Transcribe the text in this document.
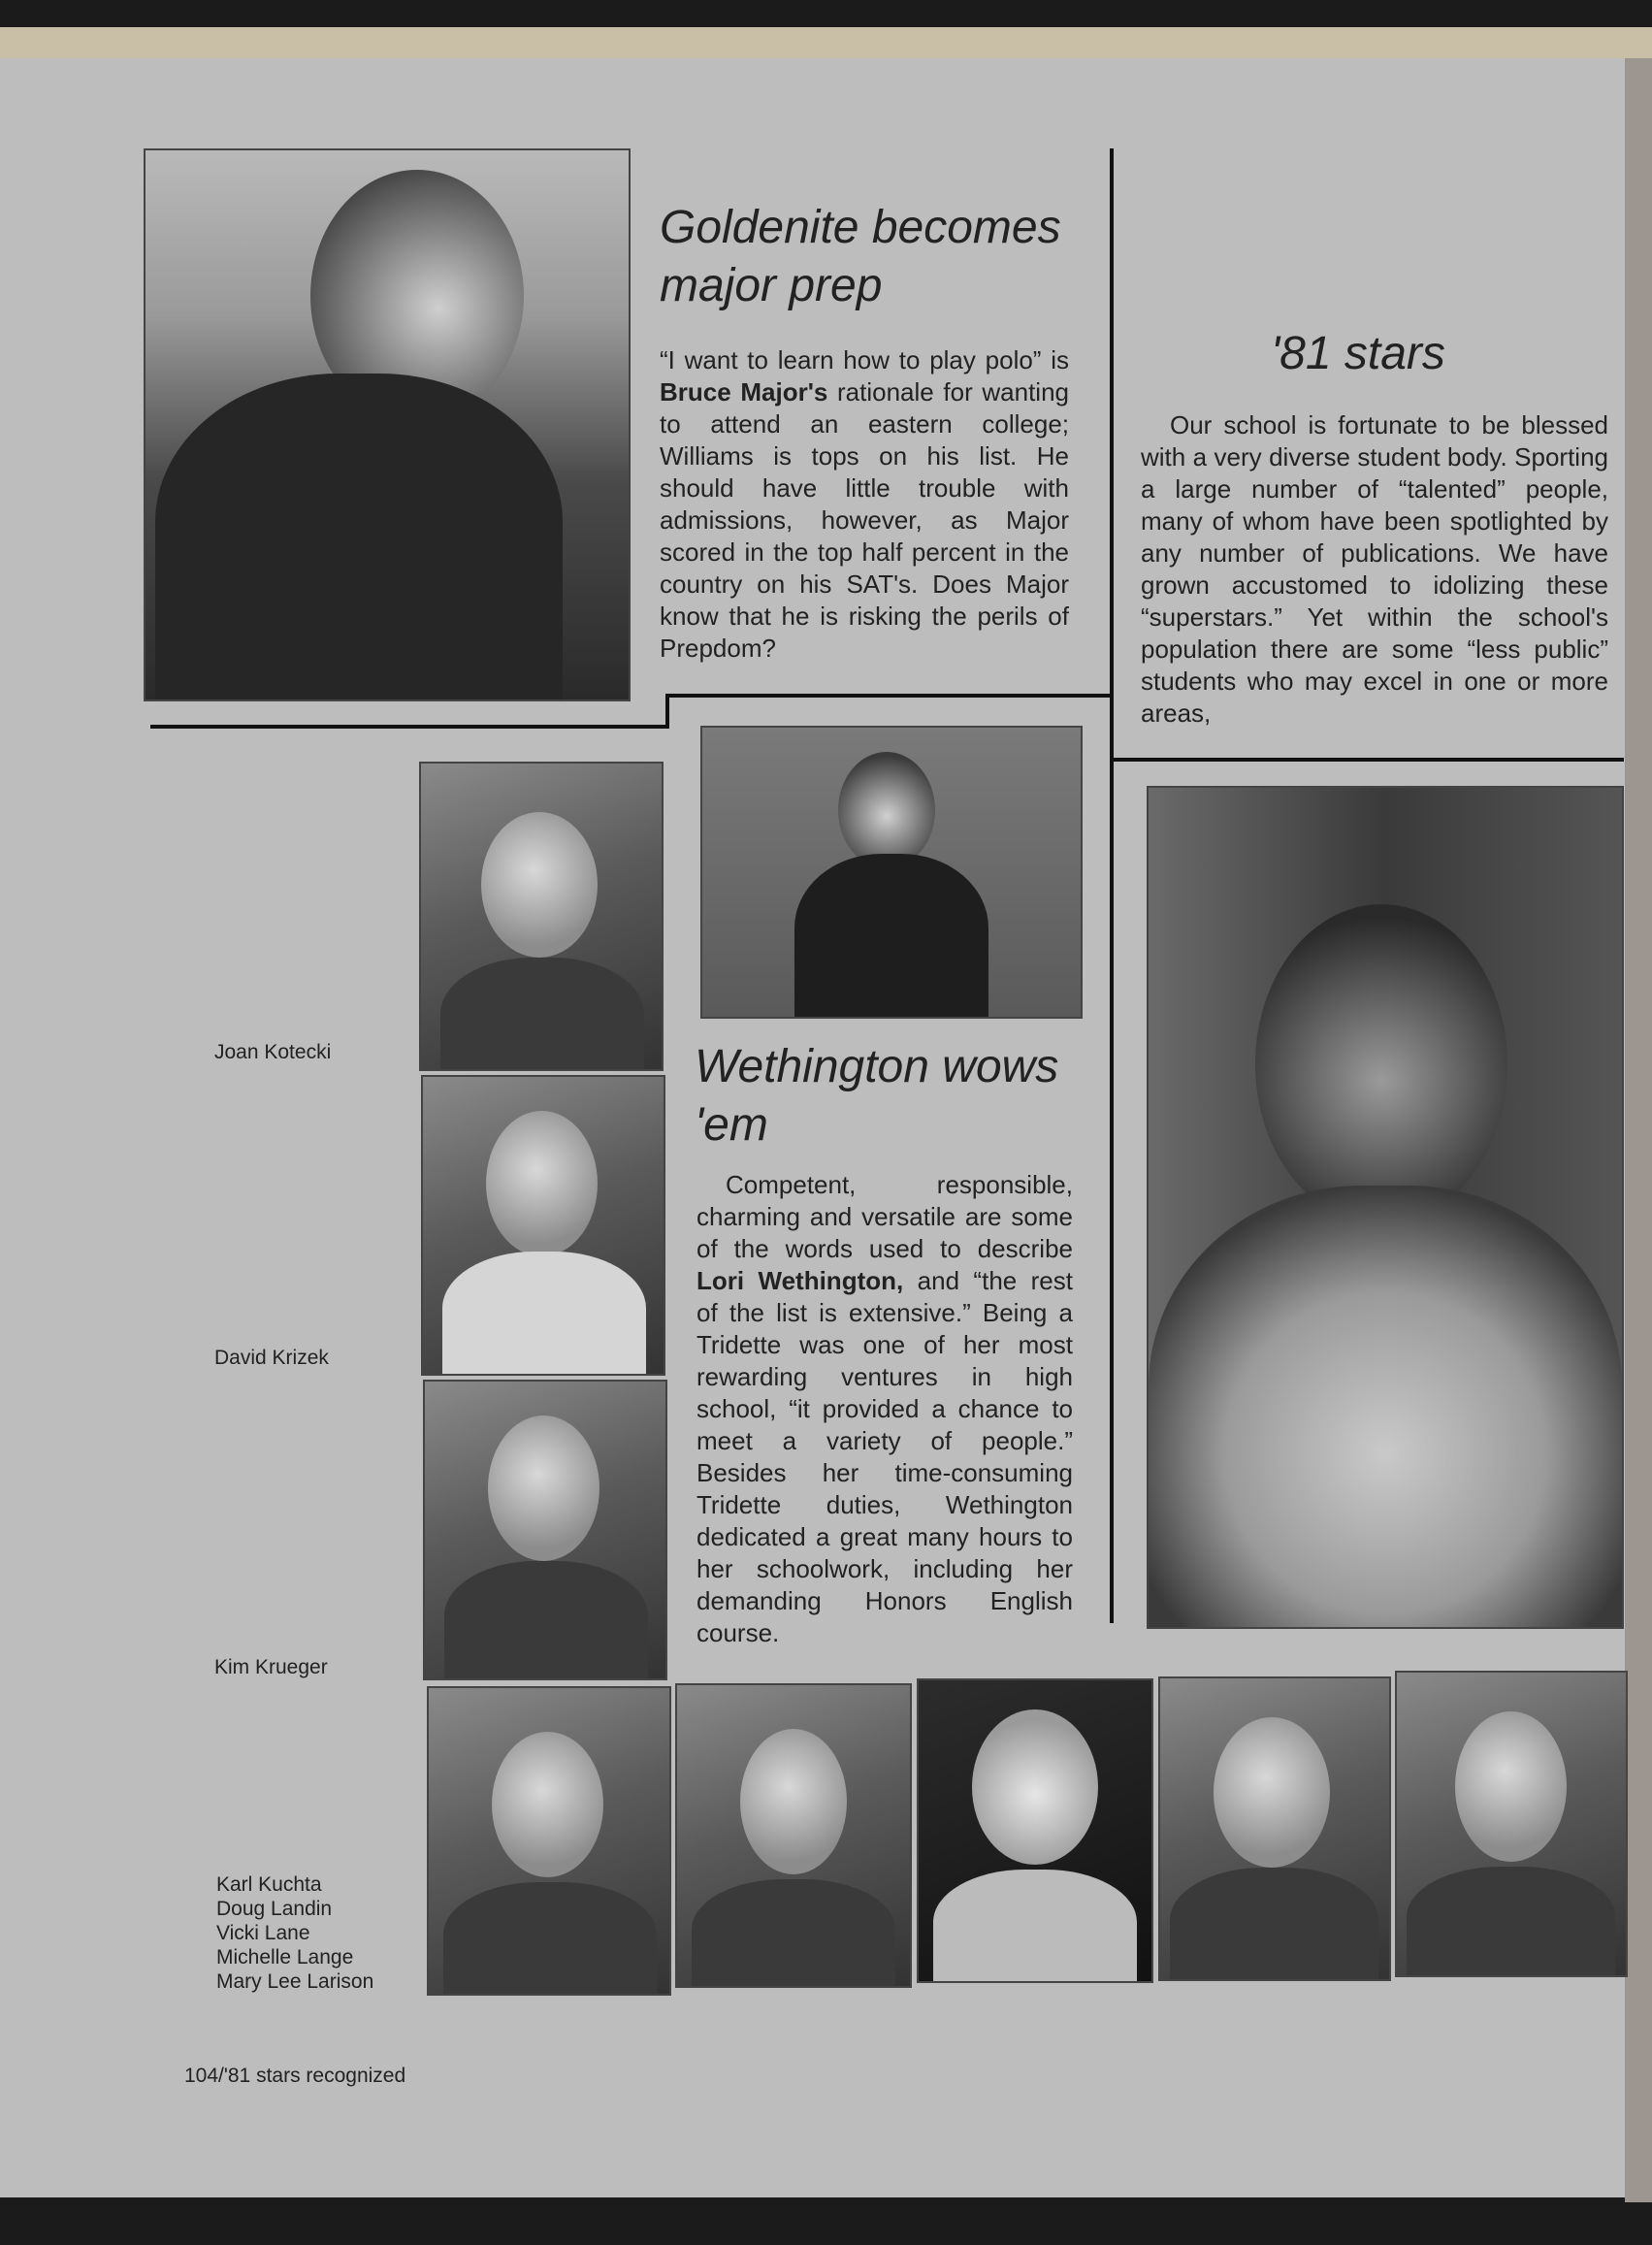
Goldenite becomes
major prep
“I want to learn how to play polo” is Bruce Major's rationale for wanting to attend an eastern college; Williams is tops on his list. He should have little trouble with admissions, however, as Major scored in the top half percent in the country on his SAT's. Does Major know that he is risking the perils of Prepdom?
'81 stars
Our school is fortunate to be blessed with a very diverse student body. Sporting a large number of “talented” people, many of whom have been spotlighted by any number of publications. We have grown accustomed to idolizing these “superstars.” Yet within the school's population there are some “less public” students who may excel in one or more areas,
Wethington wows
'em
Competent, responsible, charming and versatile are some of the words used to describe Lori Wethington, and “the rest of the list is extensive.” Being a Tridette was one of her most rewarding ventures in high school, “it provided a chance to meet a variety of people.” Besides her time-consuming Tridette duties, Wethington dedicated a great many hours to her schoolwork, including her demanding Honors English course.
Joan Kotecki
David Krizek
Kim Krueger
Karl Kuchta
Doug Landin
Vicki Lane
Michelle Lange
Mary Lee Larison
104/'81 stars recognized
